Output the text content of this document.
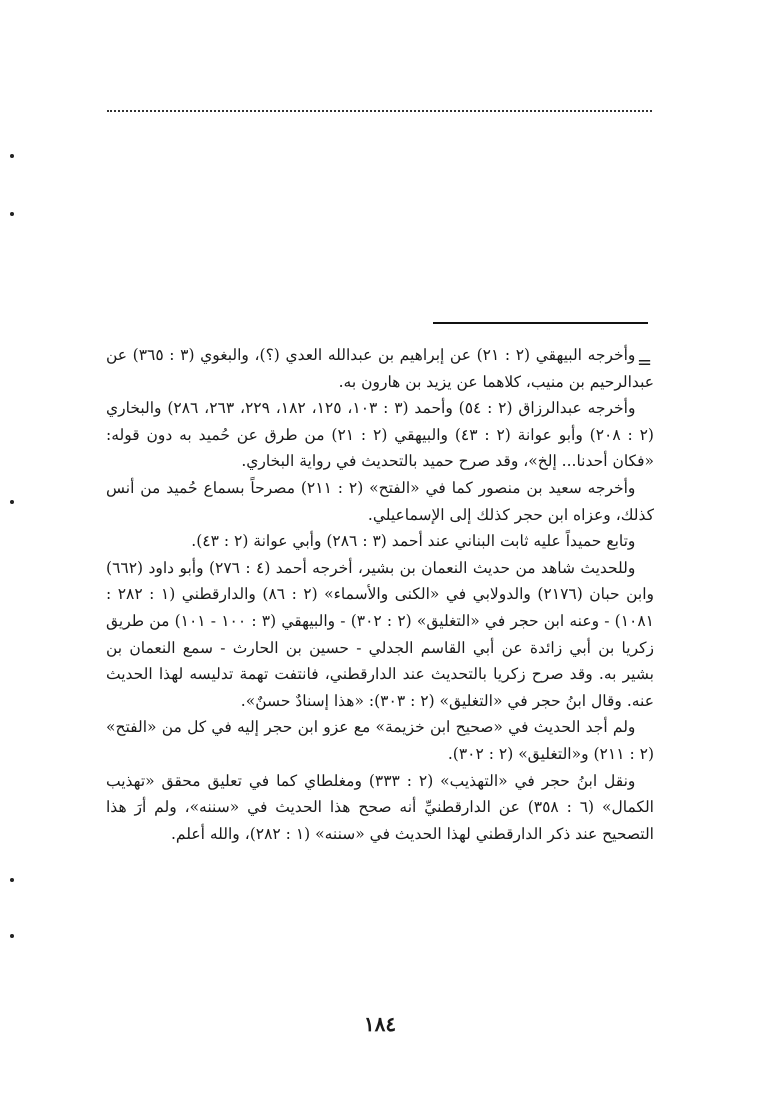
=

وأخرجه البيهقي (٢ : ٢١) عن إبراهيم بن عبدالله العدي (؟)، والبغوي (٣ : ٣٦٥) عن عبدالرحيم بن منيب، كلاهما عن يزيد بن هارون به.

وأخرجه عبدالرزاق (٢ : ٥٤) وأحمد (٣ : ١٠٣، ١٢٥، ١٨٢، ٢٢٩، ٢٦٣، ٢٨٦) والبخاري (٢ : ٢٠٨) وأبو عوانة (٢ : ٤٣) والبيهقي (٢ : ٢١) من طرق عن حُميد به دون قوله: «فكان أحدنا... إلخ»، وقد صرح حميد بالتحديث في رواية البخاري.

وأخرجه سعيد بن منصور كما في «الفتح» (٢ : ٢١١) مصرحاً بسماع حُميد من أنس كذلك، وعزاه ابن حجر كذلك إلى الإسماعيلي.

وتابع حميداً عليه ثابت البناني عند أحمد (٣ : ٢٨٦) وأبي عوانة (٢ : ٤٣).

وللحديث شاهد من حديث النعمان بن بشير، أخرجه أحمد (٤ : ٢٧٦) وأبو داود (٦٦٢) وابن حبان (٢١٧٦) والدولابي في «الكنى والأسماء» (٢ : ٨٦) والدارقطني (١ : ٢٨٢ : ١٠٨١) - وعنه ابن حجر في «التغليق» (٢ : ٣٠٢) - والبيهقي (٣ : ١٠٠ - ١٠١) من طريق زكريا بن أبي زائدة عن أبي القاسم الجدلي - حسين بن الحارث - سمع النعمان بن بشير به. وقد صرح زكريا بالتحديث عند الدارقطني، فانتفت تهمة تدليسه لهذا الحديث عنه. وقال ابنُ حجر في «التغليق» (٢ : ٣٠٣): «هذا إسنادٌ حسنٌ».

ولم أجد الحديث في «صحيح ابن خزيمة» مع عزو ابن حجر إليه في كل من «الفتح» (٢ : ٢١١) و«التغليق» (٢ : ٣٠٢).

ونقل ابنُ حجر في «التهذيب» (٢ : ٣٣٣) ومغلطاي كما في تعليق محقق «تهذيب الكمال» (٦ : ٣٥٨) عن الدارقطنيِّ أنه صحح هذا الحديث في «سننه»، ولم أرَ هذا التصحيح عند ذكر الدارقطني لهذا الحديث في «سننه» (١ : ٢٨٢)، والله أعلم.

١٨٤
